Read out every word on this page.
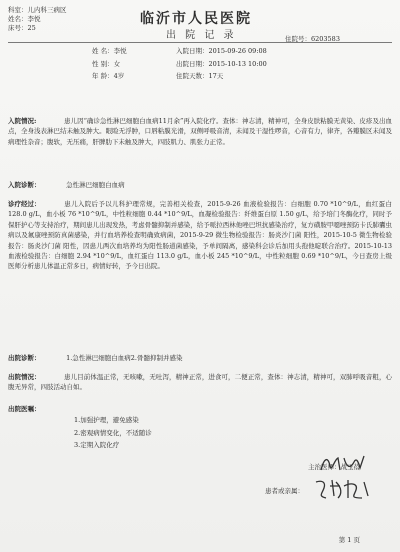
科室：儿内科三病区
姓名：李悦
床号：25
临沂市人民医院
出 院 记 录	住院号：6203583
姓 名：李悦	入院日期：2015-09-26 09:08
性 别：女	出院日期：2015-10-13 10:00
年 龄：4岁	住院天数：17天
入院情况:	患儿因“确诊急性淋巴细胞白血病11月余”再入院化疗。查体：神志清，精神可，全身皮肤粘膜无黄染、皮疹及出血点，全身浅表淋巴结未触及肿大。眼睑无浮肿，口唇粘膜光滑，双侧呼吸音清，未闻及干湿性啰音，心音有力，律齐，各瓣膜区未闻及病理性杂音；腹软，无压痛，肝脾肋下未触及肿大，四肢肌力、肌张力正常。
入院诊断：	急性淋巴细胞白血病
诊疗经过：	患儿入院后予以儿科护理常规，完善相关检查，2015-9-26 血液检验报告：白细胞 0.70 *10^9/L，血红蛋白 128.0 g/L，血小板 76 *10^9/L，中性粒细胞 0.44 *10^9/L，血凝检验报告：纤维蛋白原 1.50 g/L，给予培门冬酶化疗，同时予保肝护心等支持治疗，期间患儿出现发热，考虑骨髓抑制并感染，给予哌拉西林他唑巴坦抗感染治疗，复方磺胺甲噁唑预防卡氏肺囊虫病以及氟康唑预防真菌感染，并行血培养检查明确致病菌，2015-9-29 微生物检验报告：肠炎沙门菌 阳性，2015-10-5 微生物检验报告：肠炎沙门菌 阳性，因患儿两次血培养均为阳性肠道菌感染，予单间隔离，感染科会诊后加用头孢他啶联合治疗。2015-10-13 血液检验报告：白细胞 2.94 *10^9/L，血红蛋白 113.0 g/L，血小板 245 *10^9/L，中性粒细胞 0.69 *10^9/L，今日查房上级医师分析患儿体温正常多日，病情好转，予今日出院。
出院诊断：	1.急性淋巴细胞白血病2.骨髓抑制并感染
出院情况：	患儿目前体温正常，无咳嗽，无吐泻，精神正常，进食可，二便正常，查体：神志清，精神可，双肺呼吸音粗，心腹无异常，四肢活动自如。
出院医嘱：
1.加强护理，避免感染
2.密观病情变化，不适随诊
3.定期入院化疗
主治医师：战玉蓓
患者或亲属：
第 1 页
